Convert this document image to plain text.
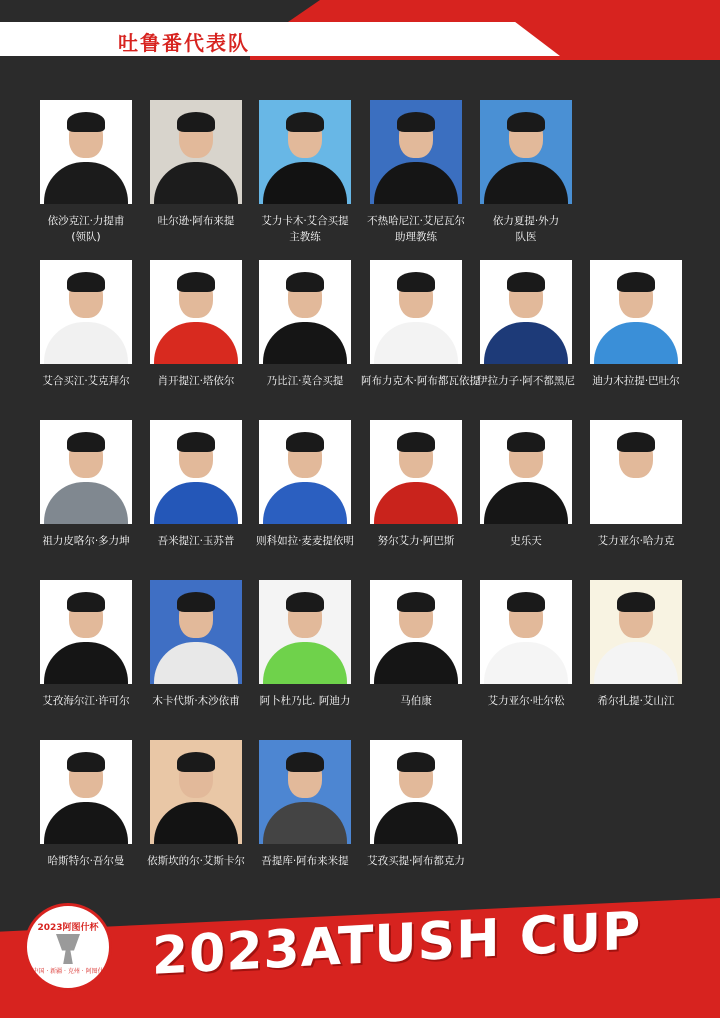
吐鲁番代表队
依沙克江·力提甫
(领队)
吐尔逊·阿布来提	艾力卡木·艾合买提
主教练
不热哈尼江·艾尼瓦尔
助理教练
依力夏提·外力
队医
艾合买江·艾克拜尔	肖开提江·塔依尔	乃比江·莫合买提	阿布力克木·阿布都瓦依提
伊拉力子·阿不都黑尼	迪力木拉提·巴吐尔
祖力皮咯尔·多力坤	吾米提江·玉苏普	则科如拉·麦麦提依明	努尔艾力·阿巴斯	史乐天	艾力亚尔·哈力克
艾孜海尔江·许可尔	木卡代斯·木沙依甫	阿卜杜乃比. 阿迪力	马伯康	艾力亚尔·吐尔松	希尔扎提·艾山江
哈斯特尔·吾尔曼	依斯坎的尔·艾斯卡尔	吾提库·阿布来米提	艾孜买提·阿布都克力
2023阿图什杯
中国 · 新疆 · 克州 · 阿图什 2023ATUSH CUP
